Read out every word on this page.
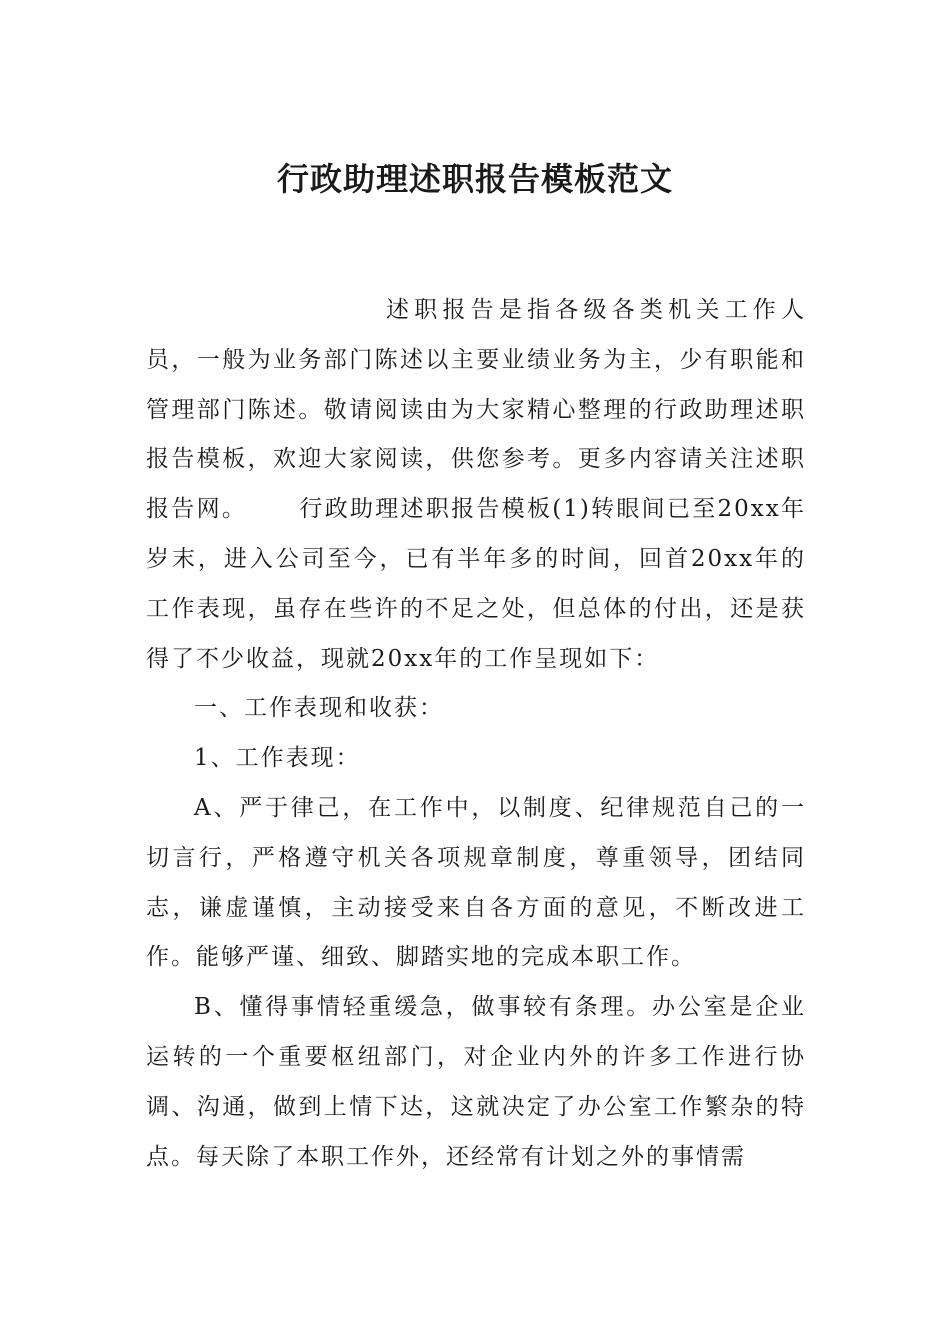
行政助理述职报告模板范文

述职报告是指各级各类机关工作人员，一般为业务部门陈述以主要业绩业务为主，少有职能和管理部门陈述。敬请阅读由为大家精心整理的行政助理述职报告模板，欢迎大家阅读，供您参考。更多内容请关注述职报告网。 行政助理述职报告模板(1)转眼间已至20xx年岁末，进入公司至今，已有半年多的时间，回首20xx年的工作表现，虽存在些许的不足之处，但总体的付出，还是获得了不少收益，现就20xx年的工作呈现如下：

一、工作表现和收获：

1、工作表现：

A、严于律己，在工作中，以制度、纪律规范自己的一切言行，严格遵守机关各项规章制度，尊重领导，团结同志，谦虚谨慎，主动接受来自各方面的意见，不断改进工作。能够严谨、细致、脚踏实地的完成本职工作。

B、懂得事情轻重缓急，做事较有条理。办公室是企业运转的一个重要枢纽部门，对企业内外的许多工作进行协调、沟通，做到上情下达，这就决定了办公室工作繁杂的特点。每天除了本职工作外，还经常有计划之外的事情需
